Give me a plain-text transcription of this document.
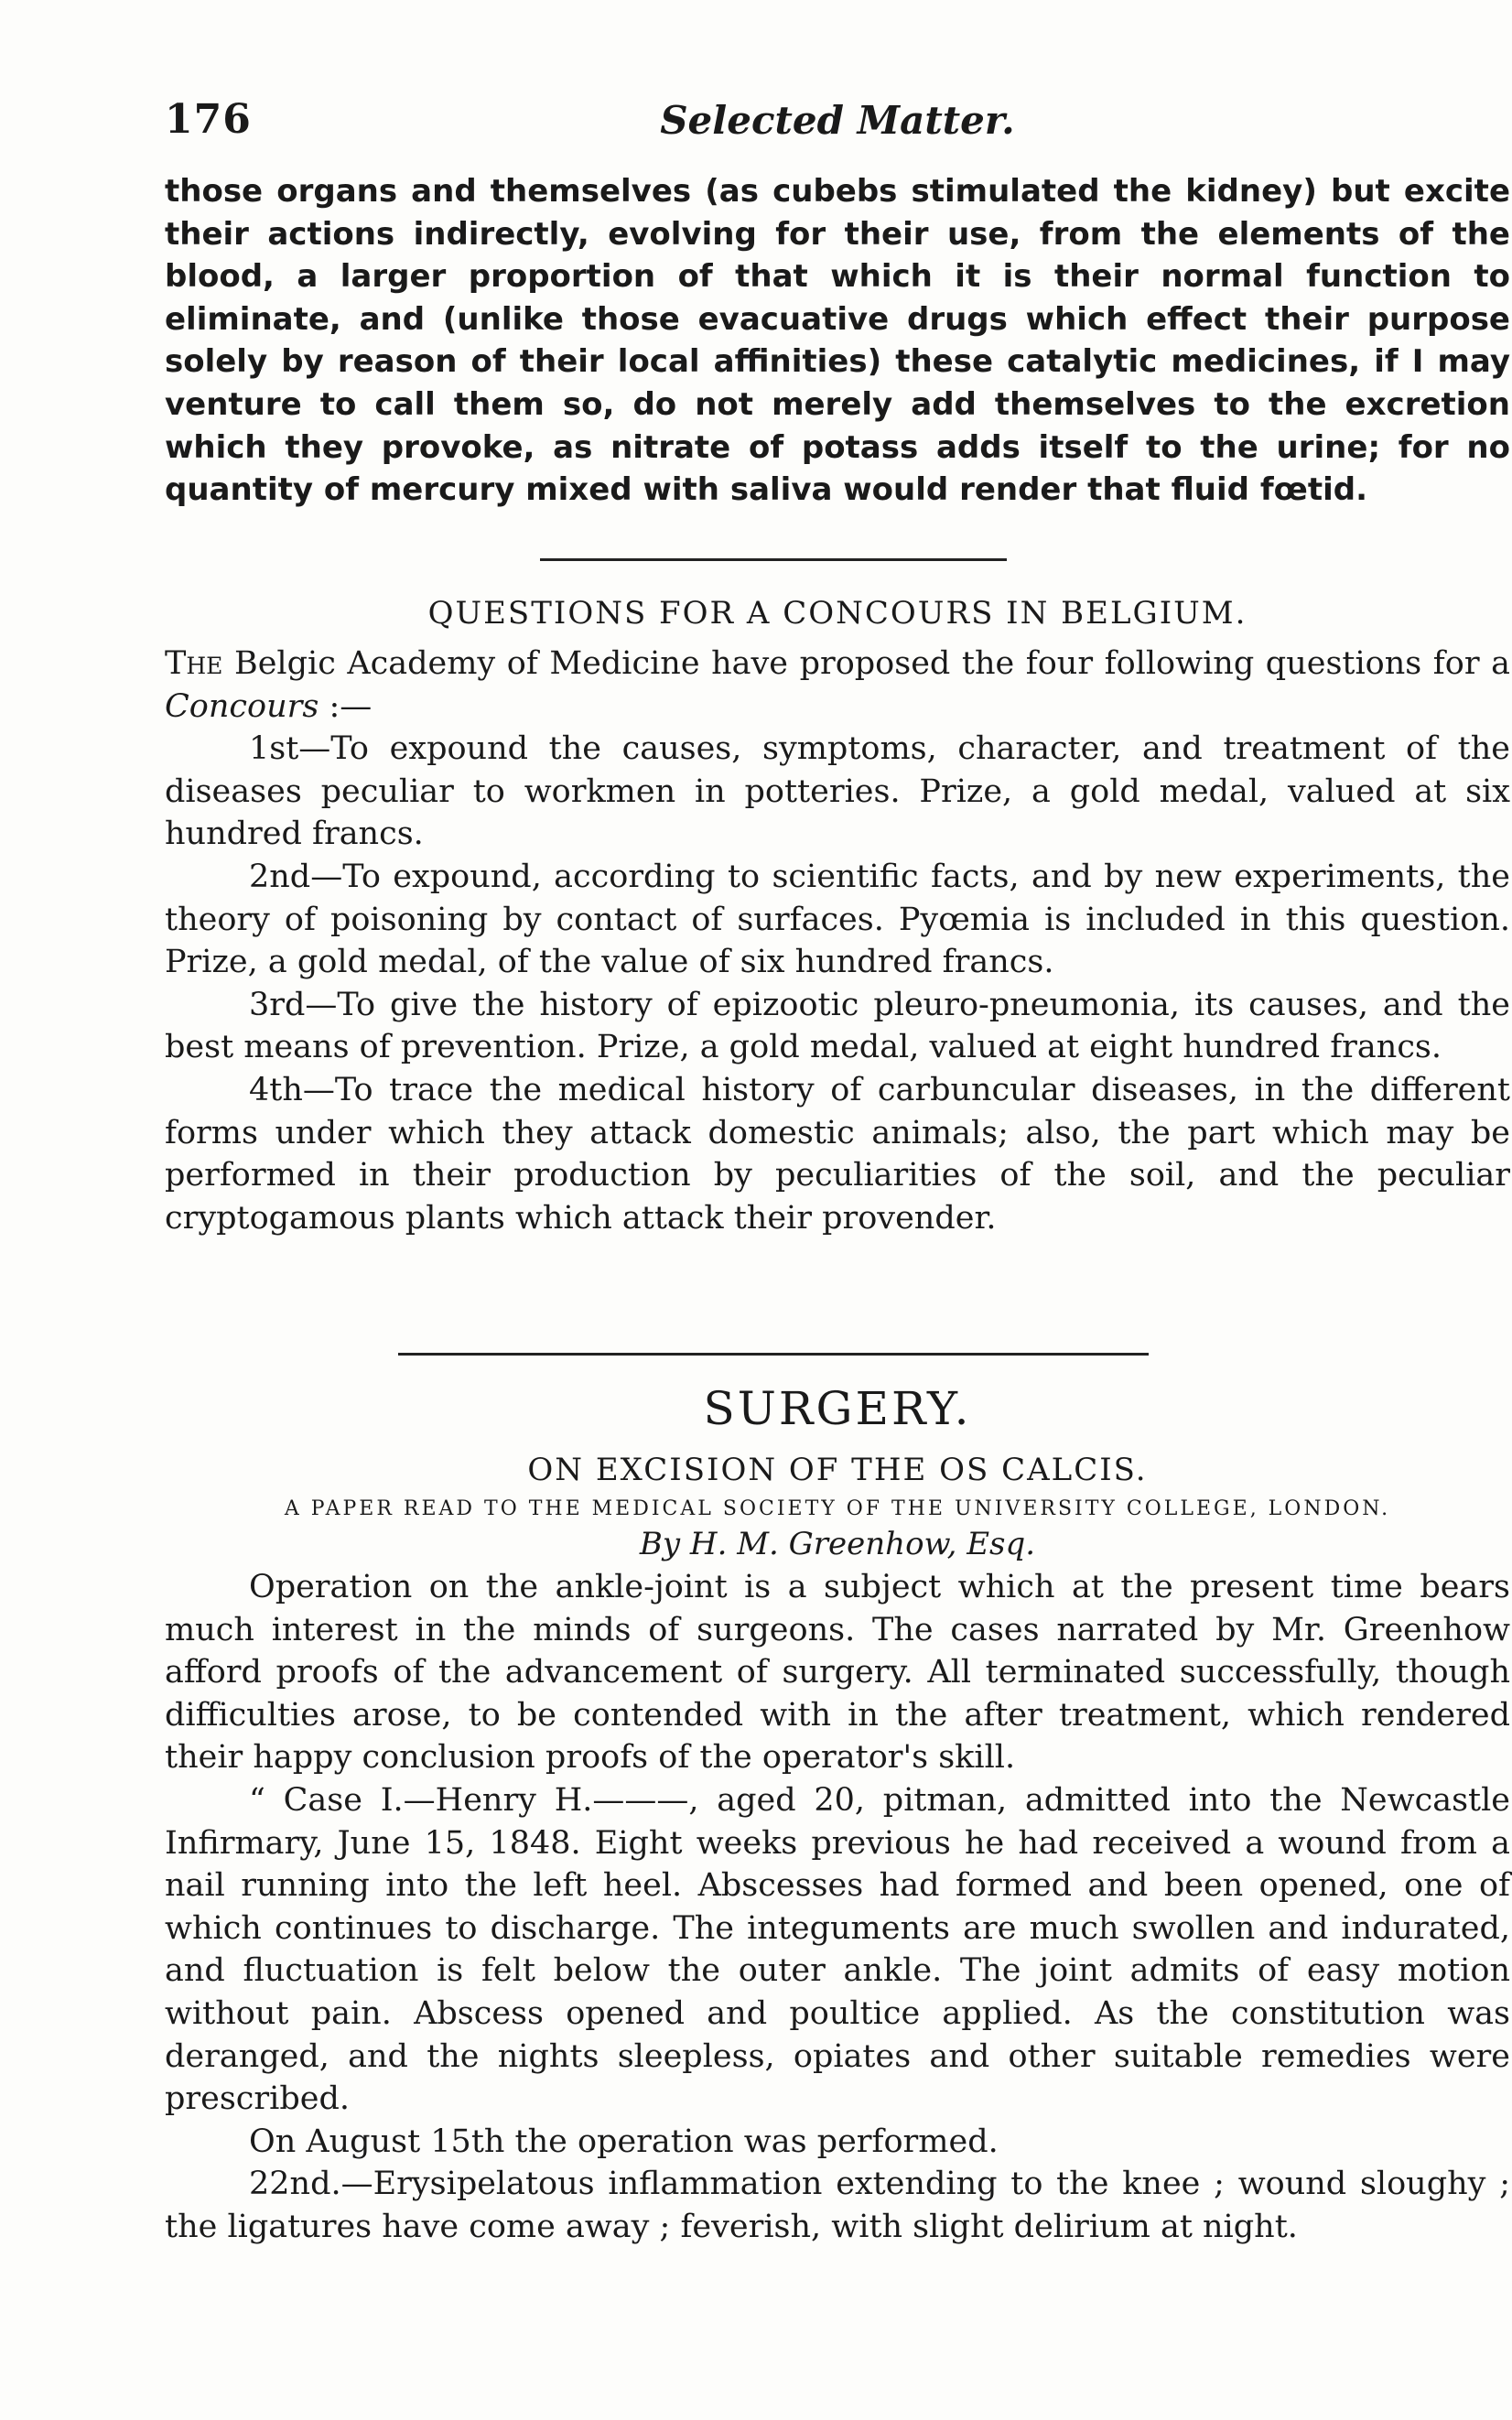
176	Selected Matter.

those organs and themselves (as cubebs stimulated the kidney) but excite their actions indirectly, evolving for their use, from the elements of the blood, a larger proportion of that which it is their normal function to eliminate, and (unlike those evacuative drugs which effect their purpose solely by reason of their local affinities) these catalytic medicines, if I may venture to call them so, do not merely add themselves to the excretion which they provoke, as nitrate of potass adds itself to the urine; for no quantity of mercury mixed with saliva would render that fluid fœtid.

QUESTIONS FOR A CONCOURS IN BELGIUM.

The Belgic Academy of Medicine have proposed the four following questions for a Concours :—

1st—To expound the causes, symptoms, character, and treatment of the diseases peculiar to workmen in potteries. Prize, a gold medal, valued at six hundred francs.

2nd—To expound, according to scientific facts, and by new experiments, the theory of poisoning by contact of surfaces. Pyœmia is included in this question. Prize, a gold medal, of the value of six hundred francs.

3rd—To give the history of epizootic pleuro-pneumonia, its causes, and the best means of prevention. Prize, a gold medal, valued at eight hundred francs.

4th—To trace the medical history of carbuncular diseases, in the different forms under which they attack domestic animals; also, the part which may be performed in their production by peculiarities of the soil, and the peculiar cryptogamous plants which attack their provender.

SURGERY.
ON EXCISION OF THE OS CALCIS.
A PAPER READ TO THE MEDICAL SOCIETY OF THE UNIVERSITY COLLEGE, LONDON.
By H. M. Greenhow, Esq.

Operation on the ankle-joint is a subject which at the present time bears much interest in the minds of surgeons. The cases narrated by Mr. Greenhow afford proofs of the advancement of surgery. All terminated successfully, though difficulties arose, to be contended with in the after treatment, which rendered their happy conclusion proofs of the operator's skill.

“ Case I.—Henry H.———, aged 20, pitman, admitted into the Newcastle Infirmary, June 15, 1848. Eight weeks previous he had received a wound from a nail running into the left heel. Abscesses had formed and been opened, one of which continues to discharge. The integuments are much swollen and indurated, and fluctuation is felt below the outer ankle. The joint admits of easy motion without pain. Abscess opened and poultice applied. As the constitution was deranged, and the nights sleepless, opiates and other suitable remedies were prescribed.

On August 15th the operation was performed.

22nd.—Erysipelatous inflammation extending to the knee ; wound sloughy ; the ligatures have come away ; feverish, with slight delirium at night.
